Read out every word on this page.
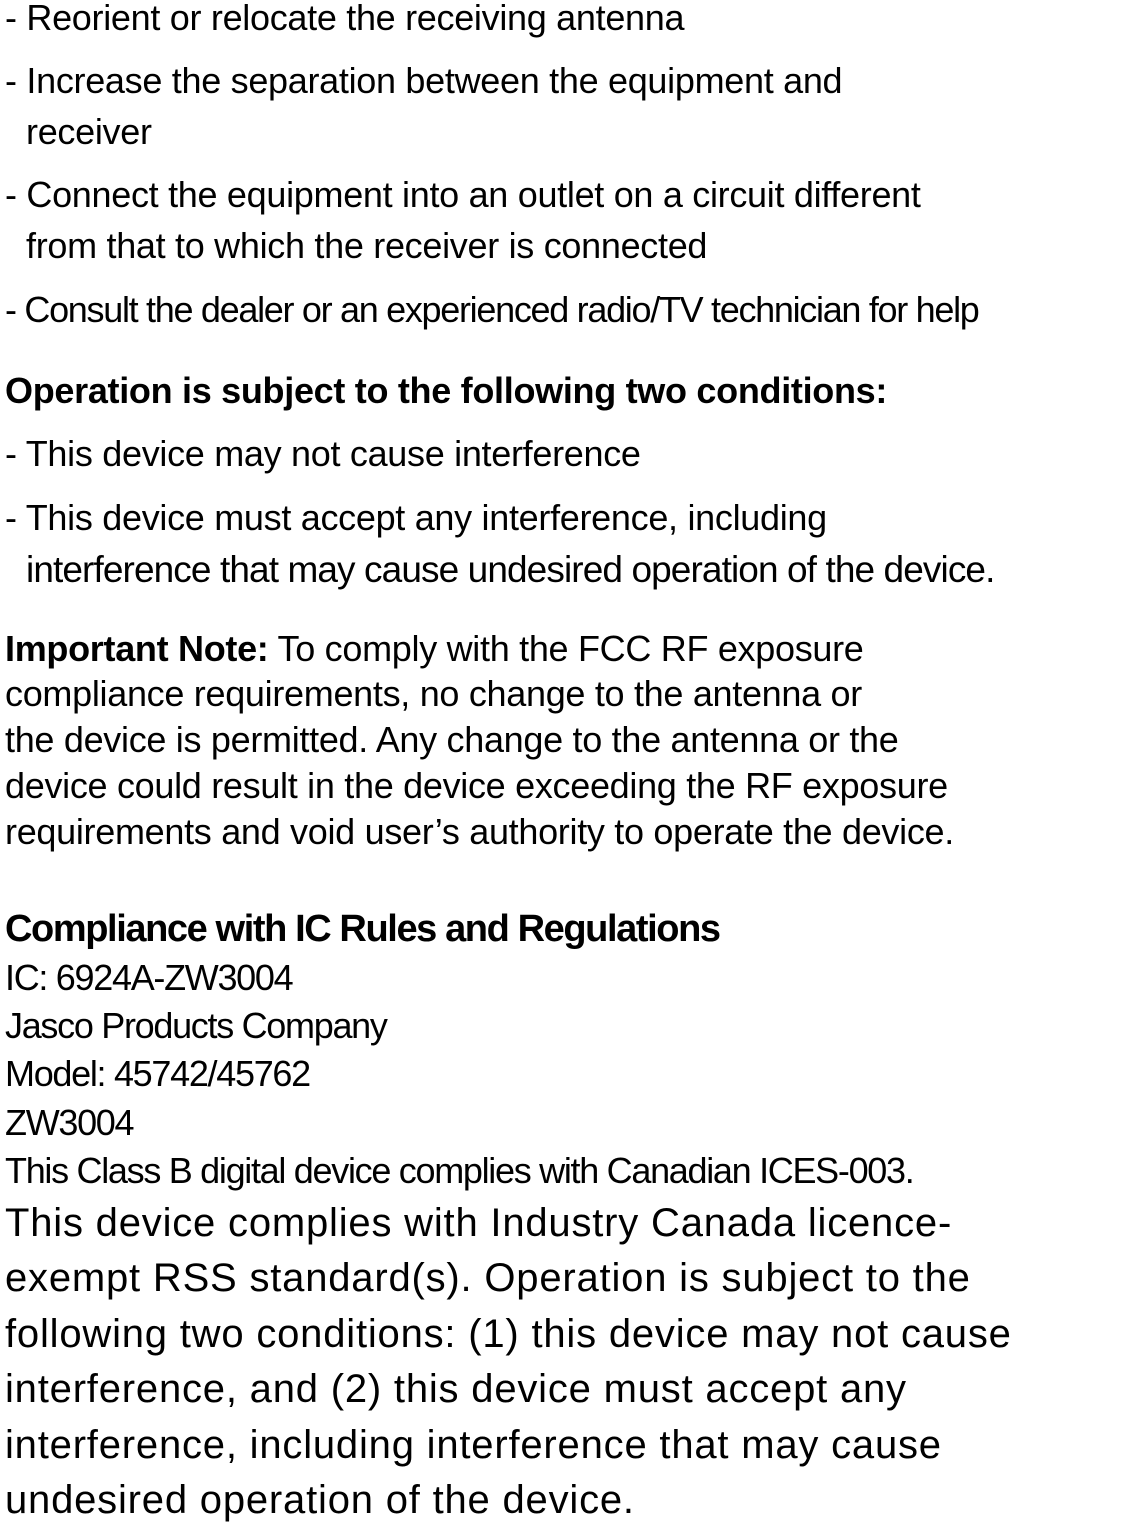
- Reorient or relocate the receiving antenna
- Increase the separation between the equipment and
receiver
- Connect the equipment into an outlet on a circuit different
from that to which the receiver is connected
- Consult the dealer or an experienced radio/TV technician for help
Operation is subject to the following two conditions:
- This device may not cause interference
- This device must accept any interference, including
interference that may cause undesired operation of the device.
Important Note: To comply with the FCC RF exposure
compliance requirements, no change to the antenna or
the device is permitted. Any change to the antenna or the
device could result in the device exceeding the RF exposure
requirements and void user’s authority to operate the device.
Compliance with IC Rules and Regulations
IC: 6924A-ZW3004
Jasco Products Company
Model: 45742/45762
ZW3004
This Class B digital device complies with Canadian ICES-003.
This device complies with Industry Canada licence-
exempt RSS standard(s). Operation is subject to the
following two conditions: (1) this device may not cause
interference, and (2) this device must accept any
interference, including interference that may cause
undesired operation of the device.
